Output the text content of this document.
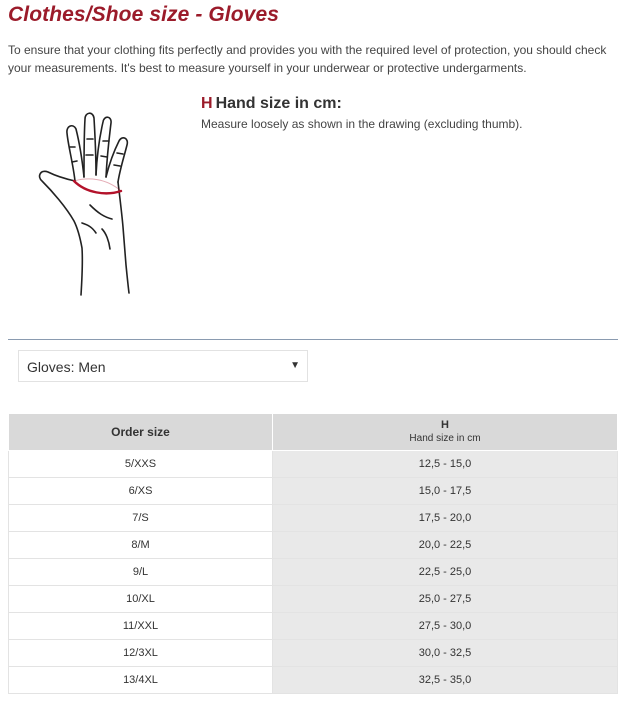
Clothes/Shoe size - Gloves

To ensure that your clothing fits perfectly and provides you with the required level of protection, you should check your measurements. It's best to measure yourself in your underwear or protective undergarments.

H Hand size in cm:

Measure loosely as shown in the drawing (excluding thumb).

Gloves: Men	▼
Order size	H
Hand size in cm

5/XXS	12,5 - 15,0
6/XS	15,0 - 17,5
7/S	17,5 - 20,0
8/M	20,0 - 22,5
9/L	22,5 - 25,0
10/XL	25,0 - 27,5
11/XXL	27,5 - 30,0
12/3XL	30,0 - 32,5
13/4XL	32,5 - 35,0
